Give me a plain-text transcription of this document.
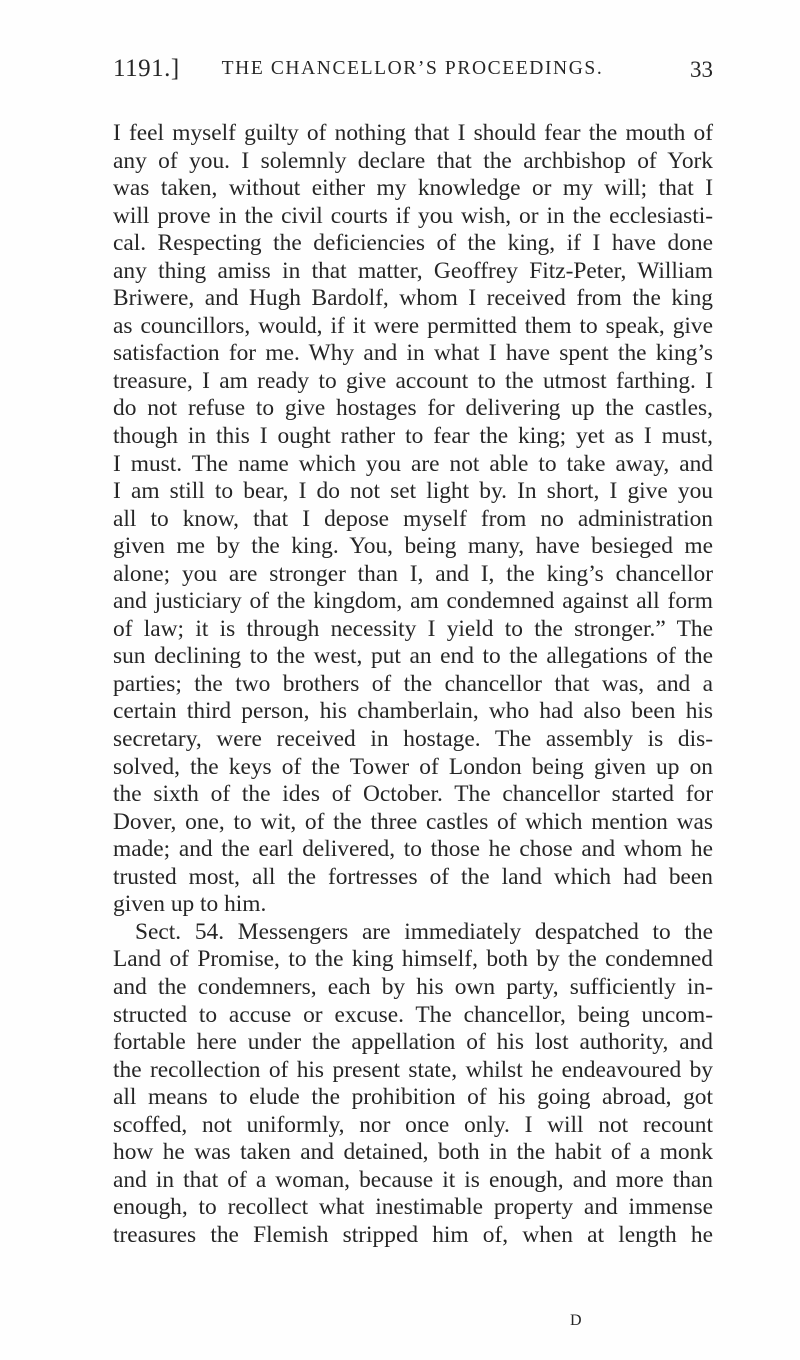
1191.]	THE CHANCELLOR’S PROCEEDINGS.	33
I feel myself guilty of nothing that I should fear the mouth of
any of you. I solemnly declare that the archbishop of York
was taken, without either my knowledge or my will; that I
will prove in the civil courts if you wish, or in the ecclesiasti-
cal. Respecting the deficiencies of the king, if I have done
any thing amiss in that matter, Geoffrey Fitz-Peter, William
Briwere, and Hugh Bardolf, whom I received from the king
as councillors, would, if it were permitted them to speak, give
satisfaction for me. Why and in what I have spent the king’s
treasure, I am ready to give account to the utmost farthing. I
do not refuse to give hostages for delivering up the castles,
though in this I ought rather to fear the king; yet as I must,
I must. The name which you are not able to take away, and
I am still to bear, I do not set light by. In short, I give you
all to know, that I depose myself from no administration
given me by the king. You, being many, have besieged me
alone; you are stronger than I, and I, the king’s chancellor
and justiciary of the kingdom, am condemned against all form
of law; it is through necessity I yield to the stronger.” The
sun declining to the west, put an end to the allegations of the
parties; the two brothers of the chancellor that was, and a
certain third person, his chamberlain, who had also been his
secretary, were received in hostage. The assembly is dis-
solved, the keys of the Tower of London being given up on
the sixth of the ides of October. The chancellor started for
Dover, one, to wit, of the three castles of which mention was
made; and the earl delivered, to those he chose and whom he
trusted most, all the fortresses of the land which had been
given up to him.
Sect. 54. Messengers are immediately despatched to the
Land of Promise, to the king himself, both by the condemned
and the condemners, each by his own party, sufficiently in-
structed to accuse or excuse. The chancellor, being uncom-
fortable here under the appellation of his lost authority, and
the recollection of his present state, whilst he endeavoured by
all means to elude the prohibition of his going abroad, got
scoffed, not uniformly, nor once only. I will not recount
how he was taken and detained, both in the habit of a monk
and in that of a woman, because it is enough, and more than
enough, to recollect what inestimable property and immense
treasures the Flemish stripped him of, when at length he
D
